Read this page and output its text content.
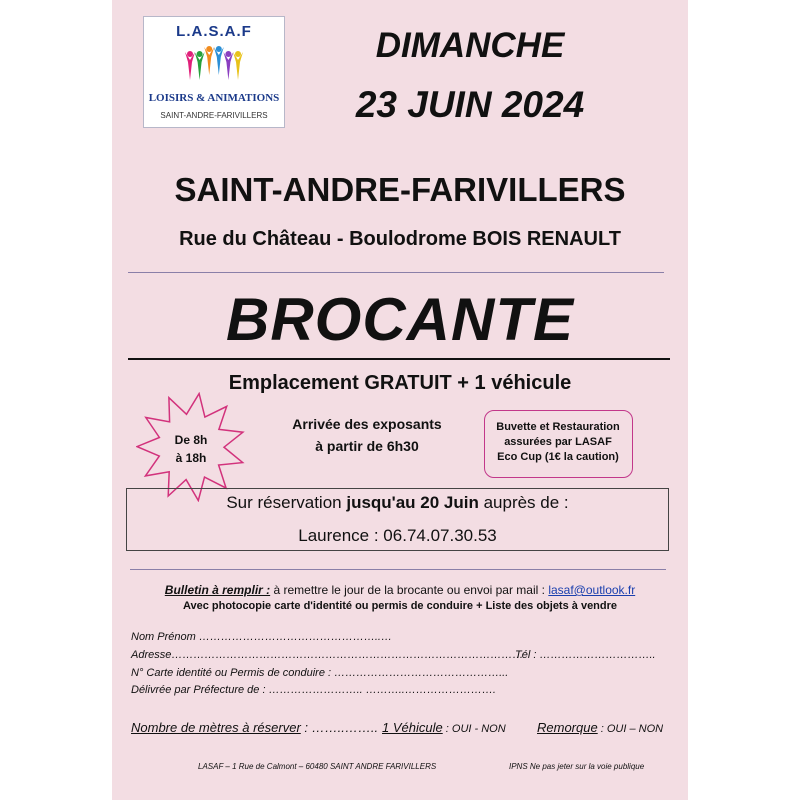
L.A.S.A.F
LOISIRS & ANIMATIONS
SAINT-ANDRE-FARIVILLERS
DIMANCHE
23 JUIN 2024
SAINT-ANDRE-FARIVILLERS
Rue du Château - Boulodrome BOIS RENAULT
BROCANTE
Emplacement GRATUIT + 1 véhicule
De 8h
à 18h
Arrivée des exposants
à partir de 6h30
Buvette et Restauration
assurées par LASAF
Eco Cup (1€ la caution)
Sur réservation jusqu'au 20 Juin auprès de :
Laurence : 06.74.07.30.53
Bulletin à remplir : à remettre le jour de la brocante ou envoi par mail : lasaf@outlook.fr
Avec photocopie carte d'identité ou permis de conduire + Liste des objets à vendre
Nom Prénom …………………………………………..…
Adresse……………………………………………………………………………………
Tél : …………………………..
N° Carte identité ou Permis de conduire : ………………………………………...
Délivrée par Préfecture de : …………………….. ………..…………………….
Nombre de mètres à réserver : ……..…….. 1 Véhicule : OUI - NON Remorque : OUI – NON
LASAF – 1 Rue de Calmont – 60480 SAINT ANDRE FARIVILLERS	IPNS Ne pas jeter sur la voie publique
